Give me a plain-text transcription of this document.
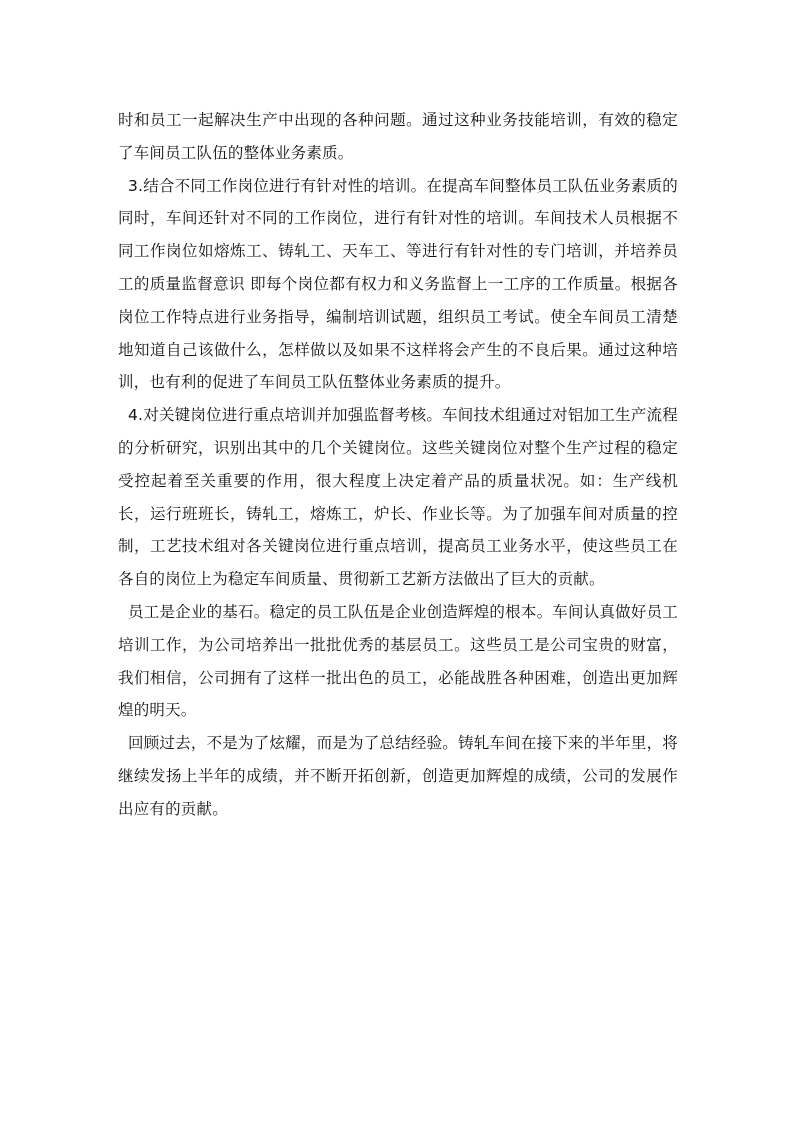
时和员工一起解决生产中出现的各种问题。通过这种业务技能培训，有效的稳定了车间员工队伍的整体业务素质。

3.结合不同工作岗位进行有针对性的培训。在提高车间整体员工队伍业务素质的同时，车间还针对不同的工作岗位，进行有针对性的培训。车间技术人员根据不同工作岗位如熔炼工、铸轧工、天车工、等进行有针对性的专门培训，并培养员工的质量监督意识 即每个岗位都有权力和义务监督上一工序的工作质量。根据各岗位工作特点进行业务指导，编制培训试题，组织员工考试。使全车间员工清楚地知道自己该做什么，怎样做以及如果不这样将会产生的不良后果。通过这种培训，也有利的促进了车间员工队伍整体业务素质的提升。

4.对关键岗位进行重点培训并加强监督考核。车间技术组通过对铝加工生产流程的分析研究，识别出其中的几个关键岗位。这些关键岗位对整个生产过程的稳定受控起着至关重要的作用，很大程度上决定着产品的质量状况。如：生产线机长，运行班班长，铸轧工，熔炼工，炉长、作业长等。为了加强车间对质量的控制，工艺技术组对各关键岗位进行重点培训，提高员工业务水平，使这些员工在各自的岗位上为稳定车间质量、贯彻新工艺新方法做出了巨大的贡献。

员工是企业的基石。稳定的员工队伍是企业创造辉煌的根本。车间认真做好员工培训工作，为公司培养出一批批优秀的基层员工。这些员工是公司宝贵的财富，我们相信，公司拥有了这样一批出色的员工，必能战胜各种困难，创造出更加辉煌的明天。

回顾过去，不是为了炫耀，而是为了总结经验。铸轧车间在接下来的半年里，将继续发扬上半年的成绩，并不断开拓创新，创造更加辉煌的成绩，公司的发展作出应有的贡献。
